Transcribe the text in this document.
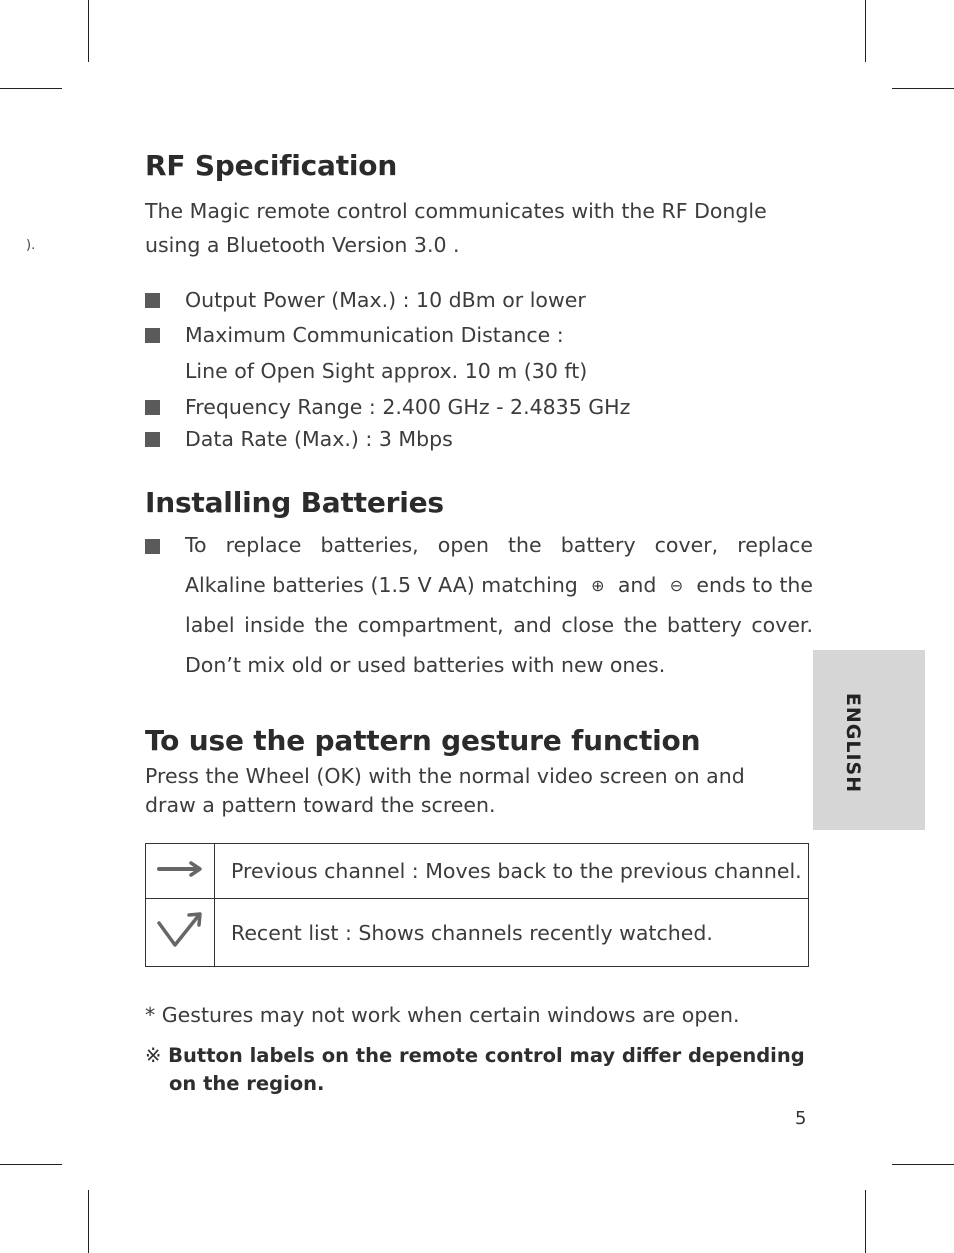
).
RF Specification

The Magic remote control communicates with the RF Dongle

using a Bluetooth Version 3.0 .

Output Power (Max.) : 10 dBm or lower
Maximum Communication Distance :
Line of Open Sight approx. 10 m (30 ft)
Frequency Range : 2.400 GHz - 2.4835 GHz
Data Rate (Max.) : 3 Mbps
Installing Batteries
To replace batteries, open the battery cover, replace
Alkaline batteries (1.5 V AA) matching ⊕ and ⊖ ends to the
label inside the compartment, and close the battery cover.
Don’t mix old or used batteries with new ones.
To use the pattern gesture function

Press the Wheel (OK) with the normal video screen on and

draw a pattern toward the screen.

	Previous channel : Moves back to the previous channel.
	Recent list : Shows channels recently watched.

* Gestures may not work when certain windows are open.

※ Button labels on the remote control may differ depending
on the region.
ENGLISH
5
